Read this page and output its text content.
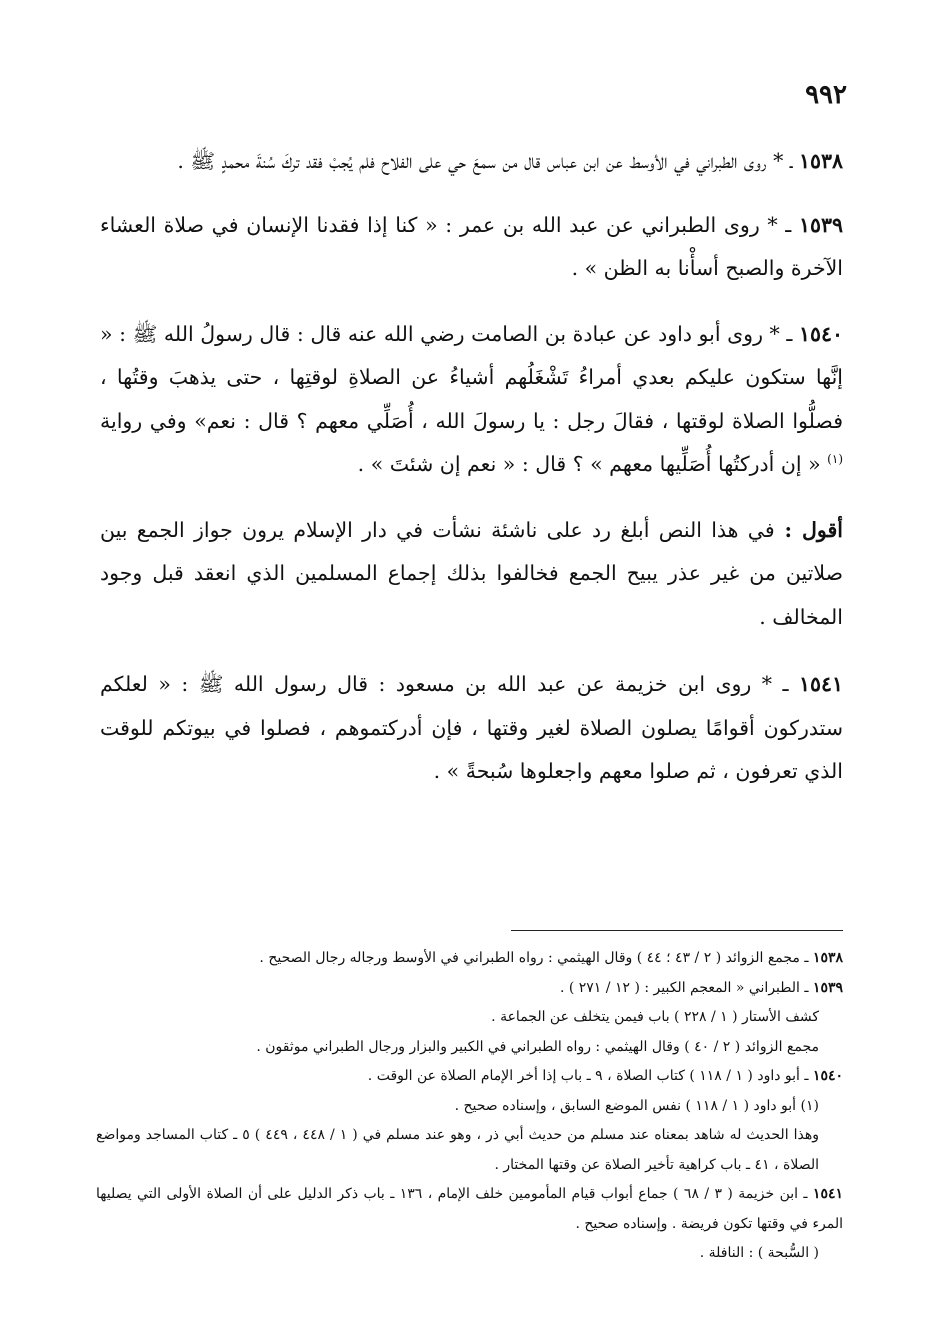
٩٩٢

١٥٣٨ ـ * روى الطبراني في الأوسط عن ابن عباس قال من سمعَ حي على الفلاح فلم يُجبْ فقد تركَ سُنةَ محمدٍ ﷺ .

١٥٣٩ ـ * روى الطبراني عن عبد الله بن عمر : « كنا إذا فقدنا الإنسان في صلاة العشاء الآخرة والصبح أسأْنا به الظن » .

١٥٤٠ ـ * روى أبو داود عن عبادة بن الصامت رضي الله عنه قال : قال رسولُ الله ﷺ : « إنَّها ستكون عليكم بعدي أمراءُ تَشْغَلُهم أشياءُ عن الصلاةِ لوقتِها ، حتى يذهبَ وقتُها ، فصلُّوا الصلاة لوقتها ، فقالَ رجل : يا رسولَ الله ، أُصَلِّي معهم ؟ قال : نعم» وفي رواية $^{(١)}$ « إن أدركتُها أُصَلِّيها معهم » ؟ قال : « نعم إن شئتَ » .

أقول : في هذا النص أبلغ رد على ناشئة نشأت في دار الإسلام يرون جواز الجمع بين صلاتين من غير عذر يبيح الجمع فخالفوا بذلك إجماع المسلمين الذي انعقد قبل وجود المخالف .

١٥٤١ ـ * روى ابن خزيمة عن عبد الله بن مسعود : قال رسول الله ﷺ : « لعلكم ستدركون أقوامًا يصلون الصلاة لغير وقتها ، فإن أدركتموهم ، فصلوا في بيوتكم للوقت الذي تعرفون ، ثم صلوا معهم واجعلوها سُبحةً » .

١٥٣٨ ـ مجمع الزوائد ( ٢ / ٤٣ ؛ ٤٤ ) وقال الهيثمي : رواه الطبراني في الأوسط ورجاله رجال الصحيح .

١٥٣٩ ـ الطبراني « المعجم الكبير : ( ١٢ / ٢٧١ ) .

كشف الأستار ( ١ / ٢٢٨ ) باب فيمن يتخلف عن الجماعة .

مجمع الزوائد ( ٢ / ٤٠ ) وقال الهيثمي : رواه الطبراني في الكبير والبزار ورجال الطبراني موثقون .

١٥٤٠ ـ أبو داود ( ١ / ١١٨ ) كتاب الصلاة ، ٩ ـ باب إذا أخر الإمام الصلاة عن الوقت .

(١) أبو داود ( ١ / ١١٨ ) نفس الموضع السابق ، وإسناده صحيح .

وهذا الحديث له شاهد بمعناه عند مسلم من حديث أبي ذر ، وهو عند مسلم في ( ١ / ٤٤٨ ، ٤٤٩ ) ٥ ـ كتاب المساجد ومواضع الصلاة ، ٤١ ـ باب كراهية تأخير الصلاة عن وقتها المختار .

١٥٤١ ـ ابن خزيمة ( ٣ / ٦٨ ) جماع أبواب قيام المأمومين خلف الإمام ، ١٣٦ ـ باب ذكر الدليل على أن الصلاة الأولى التي يصليها المرء في وقتها تكون فريضة . وإسناده صحيح .

( السُّبحة ) : النافلة .
